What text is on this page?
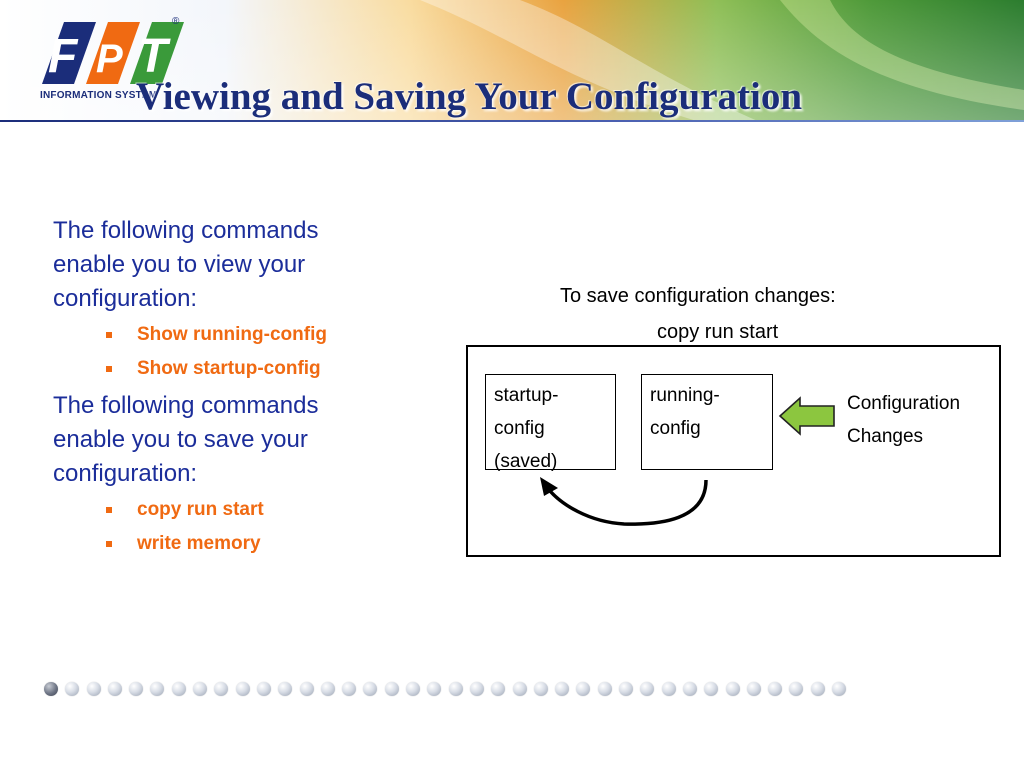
F P T
®
INFORMATION SYSTEM
Viewing and Saving Your Configuration

The following commands enable you to view your configuration:

Show running-config
Show startup-config

The following commands enable you to save your configuration:

copy run start
write memory

To save configuration changes:

copy run start

startup-
config
(saved)
running-
config
Configuration
Changes
